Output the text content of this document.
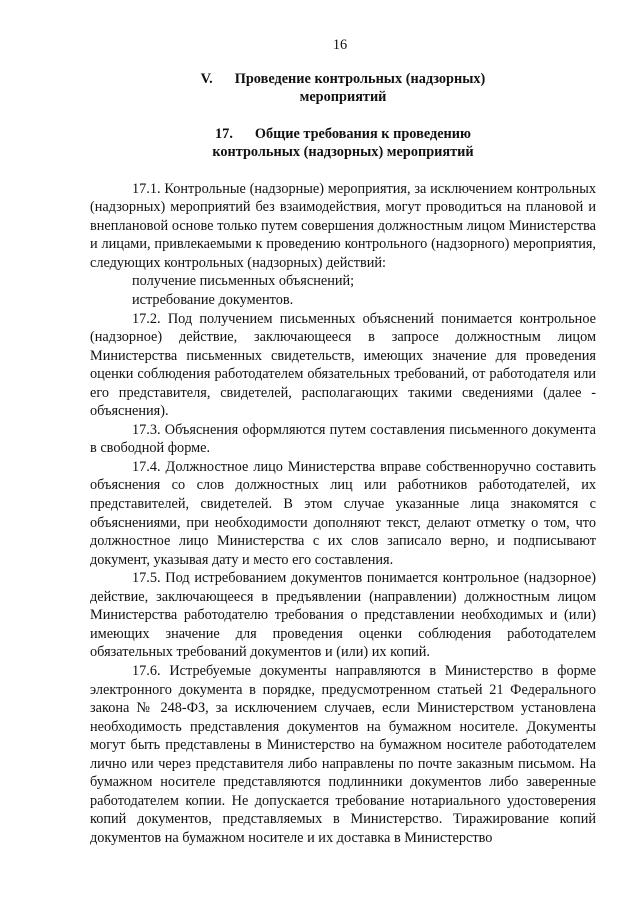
16
V. Проведение контрольных (надзорных)
мероприятий
17. Общие требования к проведению
контрольных (надзорных) мероприятий

17.1. Контрольные (надзорные) мероприятия, за исключением контрольных (надзорных) мероприятий без взаимодействия, могут проводиться на плановой и внеплановой основе только путем совершения должностным лицом Министерства и лицами, привлекаемыми к проведению контрольного (надзорного) мероприятия, следующих контрольных (надзорных) действий:

получение письменных объяснений;

истребование документов.

17.2. Под получением письменных объяснений понимается контрольное (надзорное) действие, заключающееся в запросе должностным лицом Министерства письменных свидетельств, имеющих значение для проведения оценки соблюдения работодателем обязательных требований, от работодателя или его представителя, свидетелей, располагающих такими сведениями (далее - объяснения).

17.3. Объяснения оформляются путем составления письменного документа в свободной форме.

17.4. Должностное лицо Министерства вправе собственноручно составить объяснения со слов должностных лиц или работников работодателей, их представителей, свидетелей. В этом случае указанные лица знакомятся с объяснениями, при необходимости дополняют текст, делают отметку о том, что должностное лицо Министерства с их слов записало верно, и подписывают документ, указывая дату и место его составления.

17.5. Под истребованием документов понимается контрольное (надзорное) действие, заключающееся в предъявлении (направлении) должностным лицом Министерства работодателю требования о представлении необходимых и (или) имеющих значение для проведения оценки соблюдения работодателем обязательных требований документов и (или) их копий.

17.6. Истребуемые документы направляются в Министерство в форме электронного документа в порядке, предусмотренном статьей 21 Федерального закона № 248-ФЗ, за исключением случаев, если Министерством установлена необходимость представления документов на бумажном носителе. Документы могут быть представлены в Министерство на бумажном носителе работодателем лично или через представителя либо направлены по почте заказным письмом. На бумажном носителе представляются подлинники документов либо заверенные работодателем копии. Не допускается требование нотариального удостоверения копий документов, представляемых в Министерство. Тиражирование копий документов на бумажном носителе и их доставка в Министерство
